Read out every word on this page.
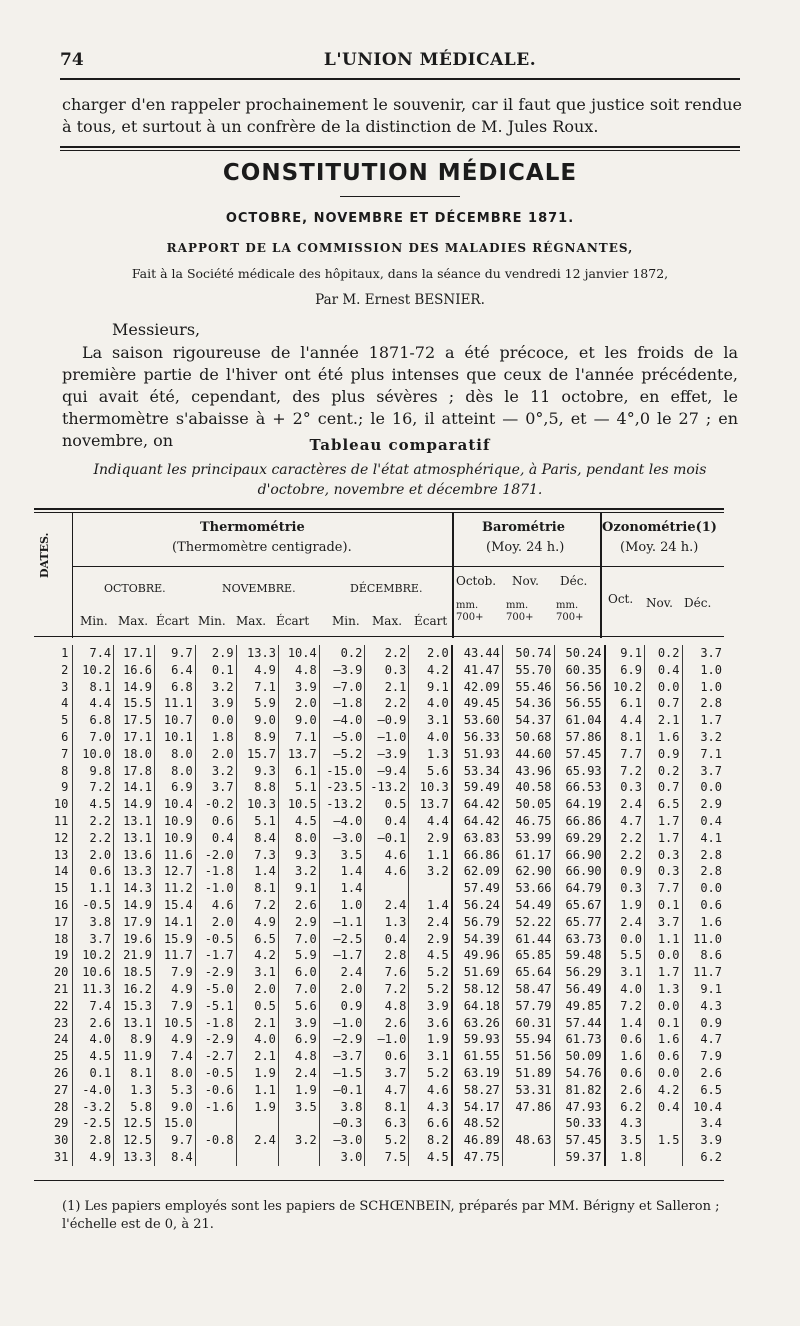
74	L'UNION MÉDICALE.
charger d'en rappeler prochainement le souvenir, car il faut que justice soit rendue à tous, et surtout à un confrère de la distinction de M. Jules Roux.
CONSTITUTION MÉDICALE
OCTOBRE, NOVEMBRE ET DÉCEMBRE 1871.
RAPPORT DE LA COMMISSION DES MALADIES RÉGNANTES,
Fait à la Société médicale des hôpitaux, dans la séance du vendredi 12 janvier 1872,
Par M. Ernest BESNIER.
Messieurs,

La saison rigoureuse de l'année 1871-72 a été précoce, et les froids de la première partie de l'hiver ont été plus intenses que ceux de l'année précédente, qui avait été, cependant, des plus sévères ; dès le 11 octobre, en effet, le thermomètre s'abaisse à + 2° cent.; le 16, il atteint — 0°,5, et — 4°,0 le 27 ; en novembre, on	Tableau comparatif
Indiquant les principaux caractères de l'état atmosphérique, à Paris, pendant les mois
d'octobre, novembre et décembre 1871.
DATES.
Thermométrie
(Thermomètre centigrade).
Barométrie
(Moy. 24 h.)
Ozonométrie(1)
(Moy. 24 h.)
OCTOBRE.	NOVEMBRE.	DÉCEMBRE.
Octob. Nov. Déc.
mm. 700+
mm. 700+
mm. 700+
Oct. Nov. Déc.
Min. Max. Écart Min. Max. Écart Min. Max. Écart
1	7.4	17.1	9.7	2.9	13.3	10.4	0.2	2.2	2.0	43.44	50.74	50.24	9.1	0.2	3.7
2	10.2	16.6	6.4	0.1	4.9	4.8	—3.9	0.3	4.2	41.47	55.70	60.35	6.9	0.4	1.0
3	8.1	14.9	6.8	3.2	7.1	3.9	—7.0	2.1	9.1	42.09	55.46	56.56	10.2	0.0	1.0
4	4.4	15.5	11.1	3.9	5.9	2.0	—1.8	2.2	4.0	49.45	54.36	56.55	6.1	0.7	2.8
5	6.8	17.5	10.7	0.0	9.0	9.0	—4.0	—0.9	3.1	53.60	54.37	61.04	4.4	2.1	1.7
6	7.0	17.1	10.1	1.8	8.9	7.1	—5.0	—1.0	4.0	56.33	50.68	57.86	8.1	1.6	3.2
7	10.0	18.0	8.0	2.0	15.7	13.7	—5.2	—3.9	1.3	51.93	44.60	57.45	7.7	0.9	7.1
8	9.8	17.8	8.0	3.2	9.3	6.1	-15.0	—9.4	5.6	53.34	43.96	65.93	7.2	0.2	3.7
9	7.2	14.1	6.9	3.7	8.8	5.1	-23.5	-13.2	10.3	59.49	40.58	66.53	0.3	0.7	0.0
10	4.5	14.9	10.4	-0.2	10.3	10.5	-13.2	0.5	13.7	64.42	50.05	64.19	2.4	6.5	2.9
11	2.2	13.1	10.9	0.6	5.1	4.5	—4.0	0.4	4.4	64.42	46.75	66.86	4.7	1.7	0.4
12	2.2	13.1	10.9	0.4	8.4	8.0	—3.0	—0.1	2.9	63.83	53.99	69.29	2.2	1.7	4.1
13	2.0	13.6	11.6	-2.0	7.3	9.3	3.5	4.6	1.1	66.86	61.17	66.90	2.2	0.3	2.8
14	0.6	13.3	12.7	-1.8	1.4	3.2	1.4	4.6	3.2	62.09	62.90	66.90	0.9	0.3	2.8
15	1.1	14.3	11.2	-1.0	8.1	9.1	1.4			57.49	53.66	64.79	0.3	7.7	0.0
16	-0.5	14.9	15.4	4.6	7.2	2.6	1.0	2.4	1.4	56.24	54.49	65.67	1.9	0.1	0.6
17	3.8	17.9	14.1	2.0	4.9	2.9	—1.1	1.3	2.4	56.79	52.22	65.77	2.4	3.7	1.6
18	3.7	19.6	15.9	-0.5	6.5	7.0	—2.5	0.4	2.9	54.39	61.44	63.73	0.0	1.1	11.0
19	10.2	21.9	11.7	-1.7	4.2	5.9	—1.7	2.8	4.5	49.96	65.85	59.48	5.5	0.0	8.6
20	10.6	18.5	7.9	-2.9	3.1	6.0	2.4	7.6	5.2	51.69	65.64	56.29	3.1	1.7	11.7
21	11.3	16.2	4.9	-5.0	2.0	7.0	2.0	7.2	5.2	58.12	58.47	56.49	4.0	1.3	9.1
22	7.4	15.3	7.9	-5.1	0.5	5.6	0.9	4.8	3.9	64.18	57.79	49.85	7.2	0.0	4.3
23	2.6	13.1	10.5	-1.8	2.1	3.9	—1.0	2.6	3.6	63.26	60.31	57.44	1.4	0.1	0.9
24	4.0	8.9	4.9	-2.9	4.0	6.9	—2.9	—1.0	1.9	59.93	55.94	61.73	0.6	1.6	4.7
25	4.5	11.9	7.4	-2.7	2.1	4.8	—3.7	0.6	3.1	61.55	51.56	50.09	1.6	0.6	7.9
26	0.1	8.1	8.0	-0.5	1.9	2.4	—1.5	3.7	5.2	63.19	51.89	54.76	0.6	0.0	2.6
27	-4.0	1.3	5.3	-0.6	1.1	1.9	—0.1	4.7	4.6	58.27	53.31	81.82	2.6	4.2	6.5
28	-3.2	5.8	9.0	-1.6	1.9	3.5	3.8	8.1	4.3	54.17	47.86	47.93	6.2	0.4	10.4
29	-2.5	12.5	15.0				—0.3	6.3	6.6	48.52		50.33	4.3		3.4
30	2.8	12.5	9.7	-0.8	2.4	3.2	—3.0	5.2	8.2	46.89	48.63	57.45	3.5	1.5	3.9
31	4.9	13.3	8.4				3.0	7.5	4.5	47.75		59.37	1.8		6.2
(1) Les papiers employés sont les papiers de SCHŒNBEIN, préparés par MM. Bérigny et Salleron ; l'échelle est de 0, à 21.
